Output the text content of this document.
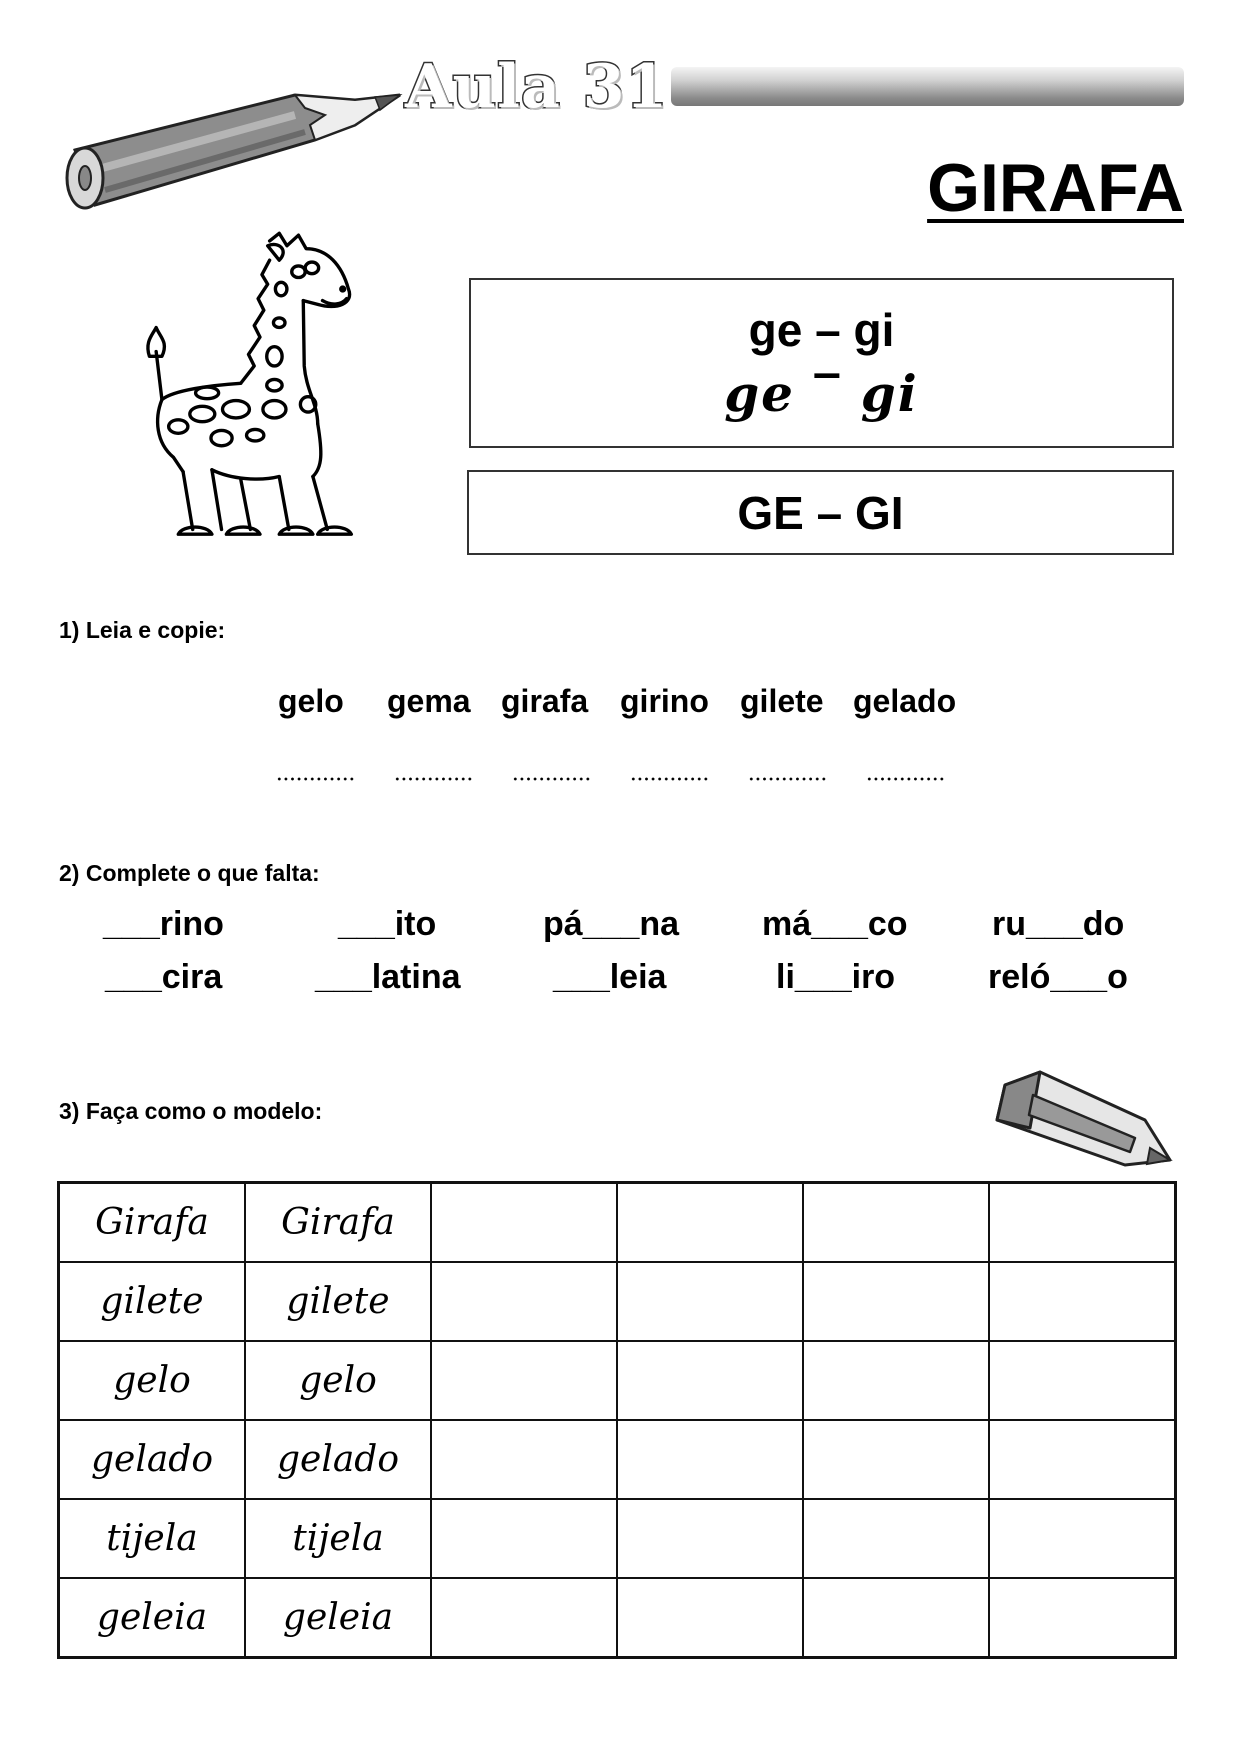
Aula 31
GIRAFA
ge – gi
ge ‾ gi
GE – GI
1) Leia e copie:
gelo	gema girafa girino gilete gelado
2) Complete o que falta:
___rino	___ito	pá___na má___co ru___do
___cira	___latina	___leia	li___iro	reló___o
3) Faça como o modelo:
Girafa	Girafa				
gilete	gilete				
gelo	gelo				
gelado	gelado				
tijela	tijela				
geleia	geleia				
